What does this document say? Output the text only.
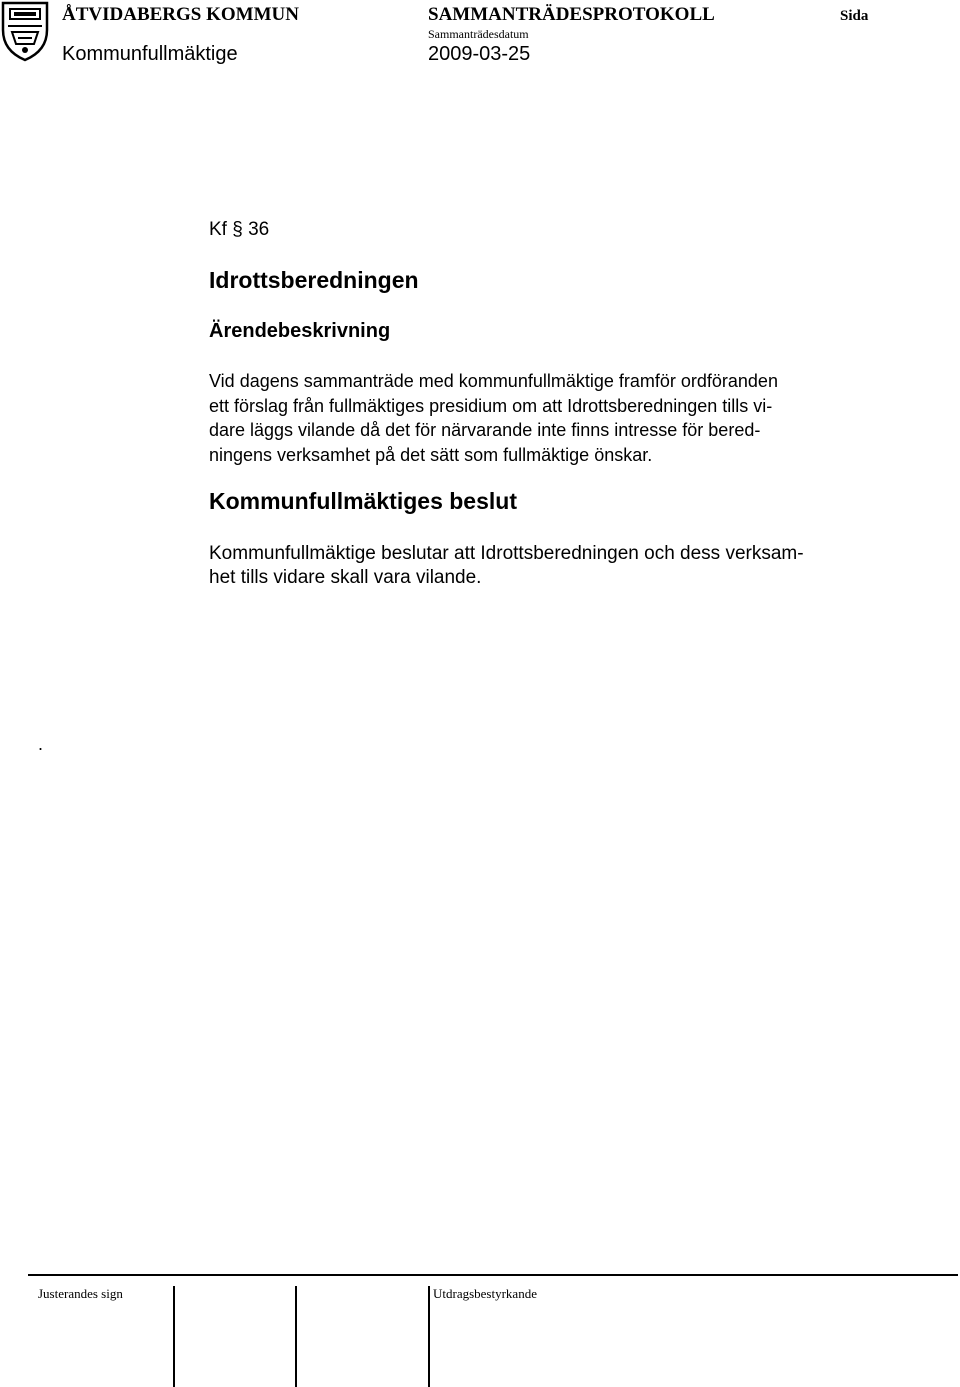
ÅTVIDABERGS KOMMUN
Kommunfullmäktige
SAMMANTRÄDESPROTOKOLL
Sammanträdesdatum
2009-03-25
Sida
Kf § 36
Idrottsberedningen
Ärendebeskrivning
Vid dagens sammanträde med kommunfullmäktige framför ordföranden
ett förslag från fullmäktiges presidium om att Idrottsberedningen tills vi-
dare läggs vilande då det för närvarande inte finns intresse för bered-
ningens verksamhet på det sätt som fullmäktige önskar.
Kommunfullmäktiges beslut
Kommunfullmäktige beslutar att Idrottsberedningen och dess verksam-
het tills vidare skall vara vilande.
.
Justerandes sign	Utdragsbestyrkande
